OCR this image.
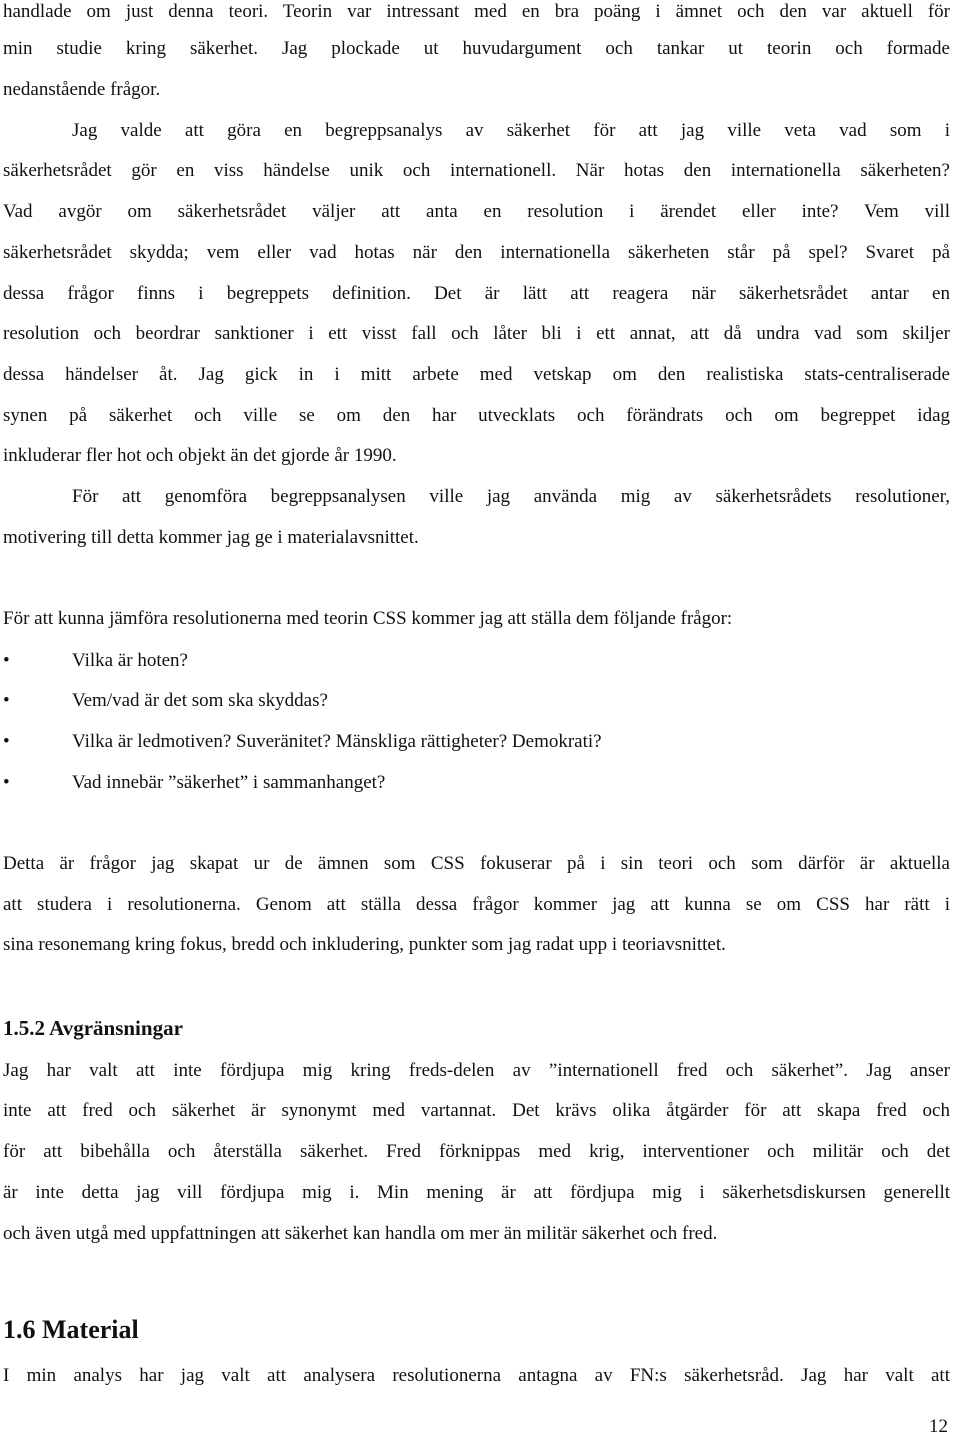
handlade om just denna teori. Teorin var intressant med en bra poäng i ämnet och den var aktuell för
min studie kring säkerhet. Jag plockade ut huvudargument och tankar ut teorin och formade
nedanstående frågor.
Jag valde att göra en begreppsanalys av säkerhet för att jag ville veta vad som i
säkerhetsrådet gör en viss händelse unik och internationell. När hotas den internationella säkerheten?
Vad avgör om säkerhetsrådet väljer att anta en resolution i ärendet eller inte? Vem vill
säkerhetsrådet skydda; vem eller vad hotas när den internationella säkerheten står på spel? Svaret på
dessa frågor finns i begreppets definition. Det är lätt att reagera när säkerhetsrådet antar en
resolution och beordrar sanktioner i ett visst fall och låter bli i ett annat, att då undra vad som skiljer
dessa händelser åt. Jag gick in i mitt arbete med vetskap om den realistiska stats-centraliserade
synen på säkerhet och ville se om den har utvecklats och förändrats och om begreppet idag
inkluderar fler hot och objekt än det gjorde år 1990.
För att genomföra begreppsanalysen ville jag använda mig av säkerhetsrådets resolutioner,
motivering till detta kommer jag ge i materialavsnittet.
För att kunna jämföra resolutionerna med teorin CSS kommer jag att ställa dem följande frågor:
•	Vilka är hoten?
•	Vem/vad är det som ska skyddas?
•	Vilka är ledmotiven? Suveränitet? Mänskliga rättigheter? Demokrati?
•	Vad innebär ”säkerhet” i sammanhanget?
Detta är frågor jag skapat ur de ämnen som CSS fokuserar på i sin teori och som därför är aktuella
att studera i resolutionerna. Genom att ställa dessa frågor kommer jag att kunna se om CSS har rätt i
sina resonemang kring fokus, bredd och inkludering, punkter som jag radat upp i teoriavsnittet.
1.5.2 Avgränsningar
Jag har valt att inte fördjupa mig kring freds-delen av ”internationell fred och säkerhet”. Jag anser
inte att fred och säkerhet är synonymt med vartannat. Det krävs olika åtgärder för att skapa fred och
för att bibehålla och återställa säkerhet. Fred förknippas med krig, interventioner och militär och det
är inte detta jag vill fördjupa mig i. Min mening är att fördjupa mig i säkerhetsdiskursen generellt
och även utgå med uppfattningen att säkerhet kan handla om mer än militär säkerhet och fred.
1.6 Material
I min analys har jag valt att analysera resolutionerna antagna av FN:s säkerhetsråd. Jag har valt att
12
